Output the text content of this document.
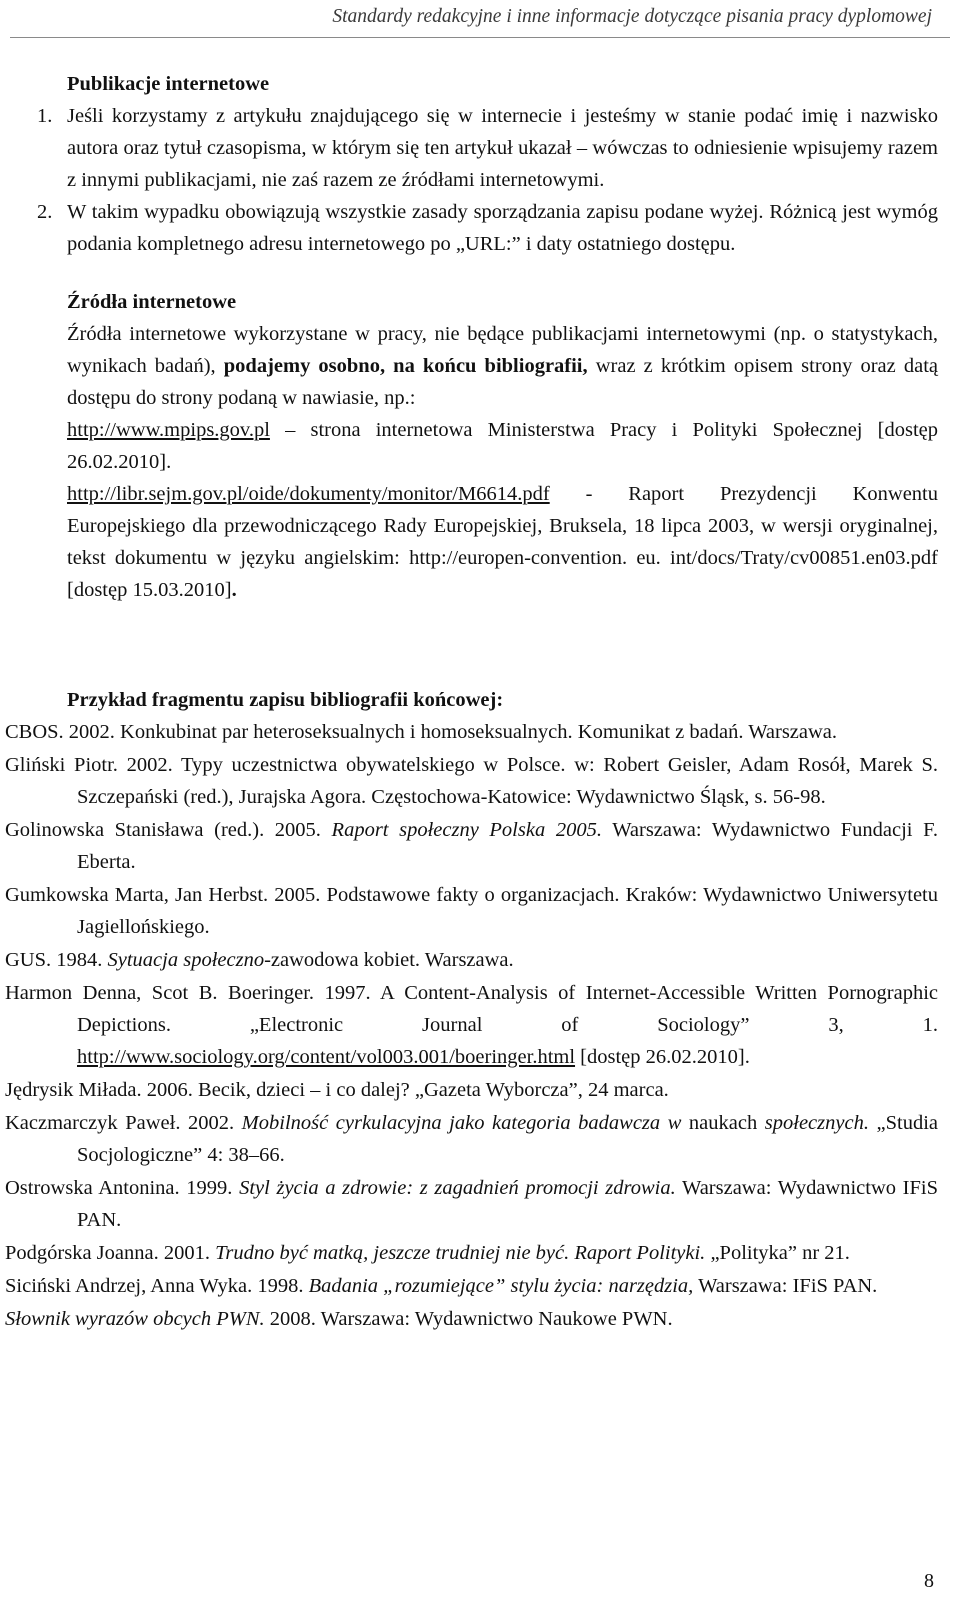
Standardy redakcyjne i inne informacje dotyczące pisania pracy dyplomowej

Publikacje internetowe

1. Jeśli korzystamy z artykułu znajdującego się w internecie i jesteśmy w stanie podać imię i nazwisko autora oraz tytuł czasopisma, w którym się ten artykuł ukazał – wówczas to odniesienie wpisujemy razem z innymi publikacjami, nie zaś razem ze źródłami internetowymi.
2. W takim wypadku obowiązują wszystkie zasady sporządzania zapisu podane wyżej. Różnicą jest wymóg podania kompletnego adresu internetowego po „URL:” i daty ostatniego dostępu.

Źródła internetowe

Źródła internetowe wykorzystane w pracy, nie będące publikacjami internetowymi (np. o statystykach, wynikach badań), podajemy osobno, na końcu bibliografii, wraz z krótkim opisem strony oraz datą dostępu do strony podaną w nawiasie, np.:

http://www.mpips.gov.pl – strona internetowa Ministerstwa Pracy i Polityki Społecznej [dostęp 26.02.2010].

http://libr.sejm.gov.pl/oide/dokumenty/monitor/M6614.pdf - Raport Prezydencji Konwentu Europejskiego dla przewodniczącego Rady Europejskiej, Bruksela, 18 lipca 2003, w wersji oryginalnej, tekst dokumentu w języku angielskim: http://europen-convention. eu. int/docs/Traty/cv00851.en03.pdf [dostęp 15.03.2010].

Przykład fragmentu zapisu bibliografii końcowej:

CBOS. 2002. Konkubinat par heteroseksualnych i homoseksualnych. Komunikat z badań. Warszawa.

Gliński Piotr. 2002. Typy uczestnictwa obywatelskiego w Polsce. w: Robert Geisler, Adam Rosół, Marek S. Szczepański (red.), Jurajska Agora. Częstochowa-Katowice: Wydawnictwo Śląsk, s. 56-98.

Golinowska Stanisława (red.). 2005. Raport społeczny Polska 2005. Warszawa: Wydawnictwo Fundacji F. Eberta.

Gumkowska Marta, Jan Herbst. 2005. Podstawowe fakty o organizacjach. Kraków: Wydawnictwo Uniwersytetu Jagiellońskiego.

GUS. 1984. Sytuacja społeczno-zawodowa kobiet. Warszawa.

Harmon Denna, Scot B. Boeringer. 1997. A Content-Analysis of Internet-Accessible Written Pornographic Depictions. „Electronic Journal of Sociology” 3, 1. http://www.sociology.org/content/vol003.001/boeringer.html [dostęp 26.02.2010].

Jędrysik Miłada. 2006. Becik, dzieci – i co dalej? „Gazeta Wyborcza”, 24 marca.

Kaczmarczyk Paweł. 2002. Mobilność cyrkulacyjna jako kategoria badawcza w naukach społecznych. „Studia Socjologiczne” 4: 38–66.

Ostrowska Antonina. 1999. Styl życia a zdrowie: z zagadnień promocji zdrowia. Warszawa: Wydawnictwo IFiS PAN.

Podgórska Joanna. 2001. Trudno być matką, jeszcze trudniej nie być. Raport Polityki. „Polityka” nr 21.

Siciński Andrzej, Anna Wyka. 1998. Badania „rozumiejące” stylu życia: narzędzia, Warszawa: IFiS PAN.

Słownik wyrazów obcych PWN. 2008. Warszawa: Wydawnictwo Naukowe PWN.

8
